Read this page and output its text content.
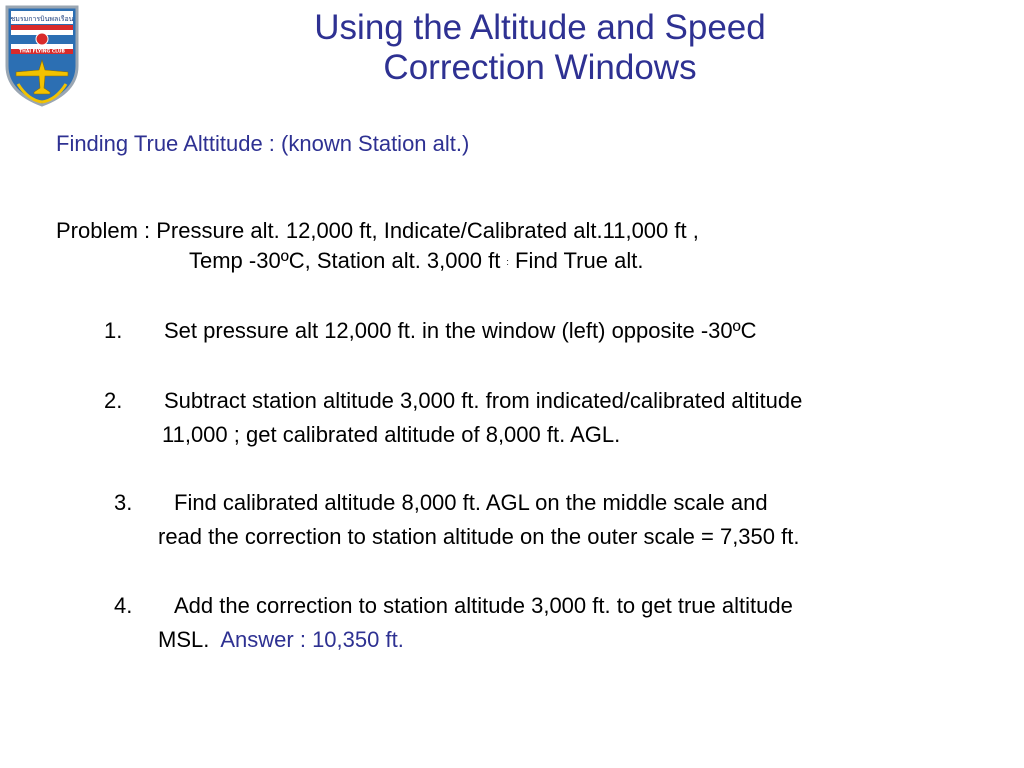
ชมรมการบินพลเรือน
THAI FLYING CLUB
Using the Altitude and Speed
Correction Windows
Finding True Alttitude : (known Station alt.)
Problem : Pressure alt. 12,000 ft, Indicate/Calibrated alt.11,000 ft ,
Temp -30ºC, Station alt. 3,000 ft : Find True alt.
1. Set pressure alt 12,000 ft. in the window (left) opposite -30ºC
2. Subtract station altitude 3,000 ft. from indicated/calibrated altitude
11,000 ; get calibrated altitude of 8,000 ft. AGL.
3. Find calibrated altitude 8,000 ft. AGL on the middle scale and
read the correction to station altitude on the outer scale = 7,350 ft.
4. Add the correction to station altitude 3,000 ft. to get true altitude
MSL. Answer : 10,350 ft.
